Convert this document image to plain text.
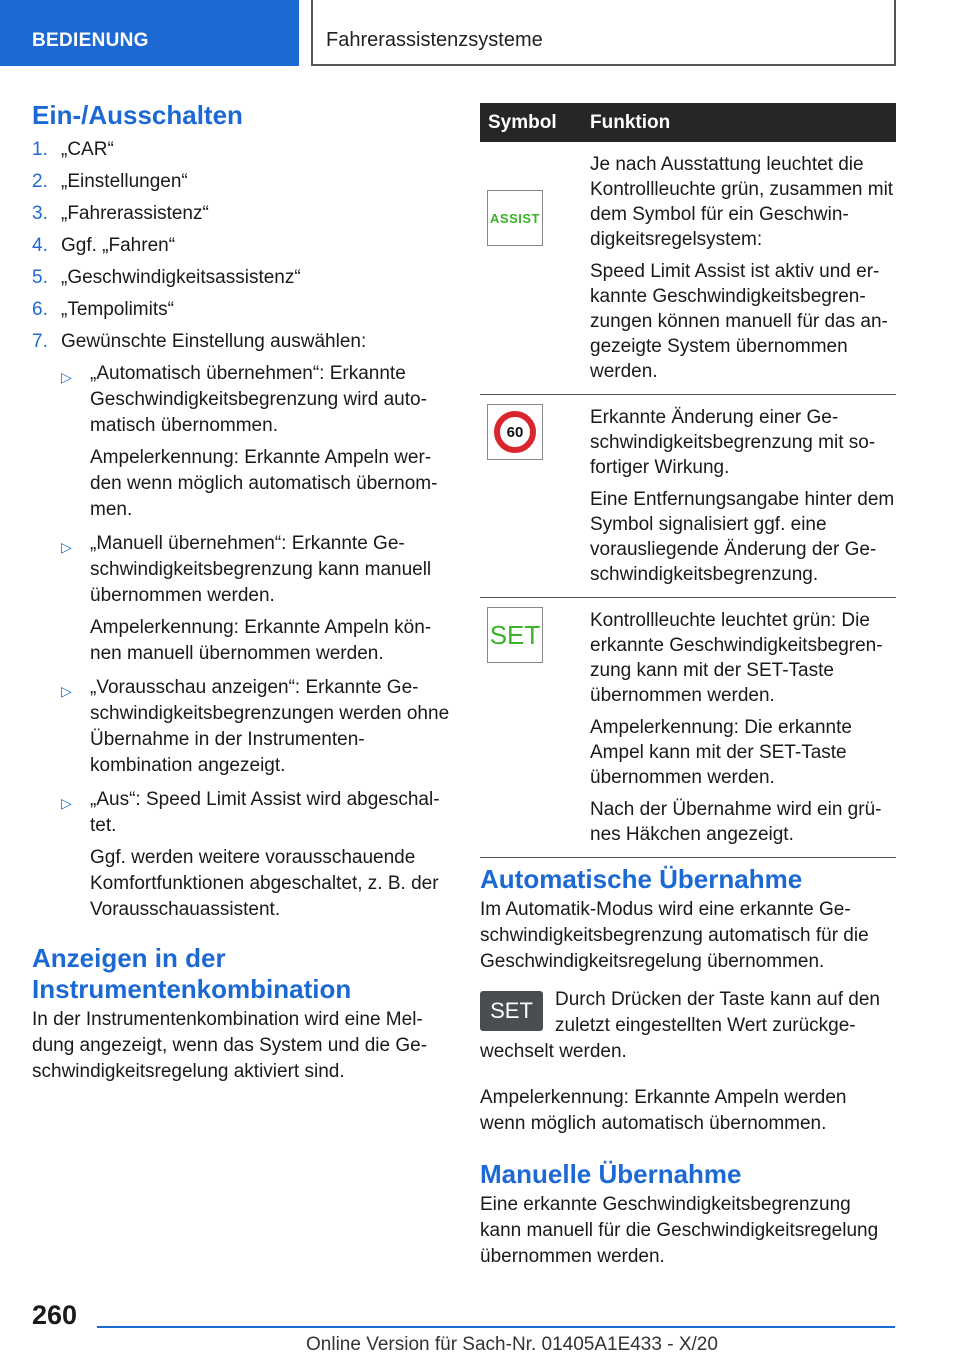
BEDIENUNG	Fahrerassistenzsysteme
Ein-/Ausschalten
1. „CAR“
2. „Einstellungen“
3. „Fahrerassistenz“
4. Ggf. „Fahren“
5. „Geschwindigkeitsassistenz“
6. „Tempolimits“
7. Gewünschte Einstellung auswählen:
▷ „Automatisch übernehmen“: Erkannte Geschwindigkeitsbegrenzung wird automatisch übernommen.
Ampelerkennung: Erkannte Ampeln werden wenn möglich automatisch übernommen.
▷ „Manuell übernehmen“: Erkannte Geschwindigkeitsbegrenzung kann manuell übernommen werden.
Ampelerkennung: Erkannte Ampeln können manuell übernommen werden.
▷ „Vorausschau anzeigen“: Erkannte Geschwindigkeitsbegrenzungen werden ohne Übernahme in der Instrumentenkombination angezeigt.
▷ „Aus“: Speed Limit Assist wird abgeschaltet.
Ggf. werden weitere vorausschauende Komfortfunktionen abgeschaltet, z. B. der Vorausschauassistent.
Anzeigen in der
Instrumentenkombination

In der Instrumentenkombination wird eine Meldung angezeigt, wenn das System und die Geschwindigkeitsregelung aktiviert sind.

Symbol	Funktion

ASSIST	Je nach Ausstattung leuchtet die Kontrollleuchte grün, zusammen mit dem Symbol für ein Geschwindigkeitsregelsystem:

Speed Limit Assist ist aktiv und erkannte Geschwindigkeitsbegrenzungen können manuell für das angezeigte System übernommen werden.

60	Erkannte Änderung einer Geschwindigkeitsbegrenzung mit sofortiger Wirkung.

Eine Entfernungsangabe hinter dem Symbol signalisiert ggf. eine vorausliegende Änderung der Geschwindigkeitsbegrenzung.

SET	Kontrollleuchte leuchtet grün: Die erkannte Geschwindigkeitsbegrenzung kann mit der SET-Taste übernommen werden.

Ampelerkennung: Die erkannte Ampel kann mit der SET-Taste übernommen werden.

Nach der Übernahme wird ein grünes Häkchen angezeigt.

Automatische Übernahme

Im Automatik-Modus wird eine erkannte Geschwindigkeitsbegrenzung automatisch für die Geschwindigkeitsregelung übernommen.

SET	Durch Drücken der Taste kann auf den zuletzt eingestellten Wert zurückgewechselt werden.

Ampelerkennung: Erkannte Ampeln werden wenn möglich automatisch übernommen.

Manuelle Übernahme

Eine erkannte Geschwindigkeitsbegrenzung kann manuell für die Geschwindigkeitsregelung übernommen werden.

260
Online Version für Sach-Nr. 01405A1E433 - X/20
